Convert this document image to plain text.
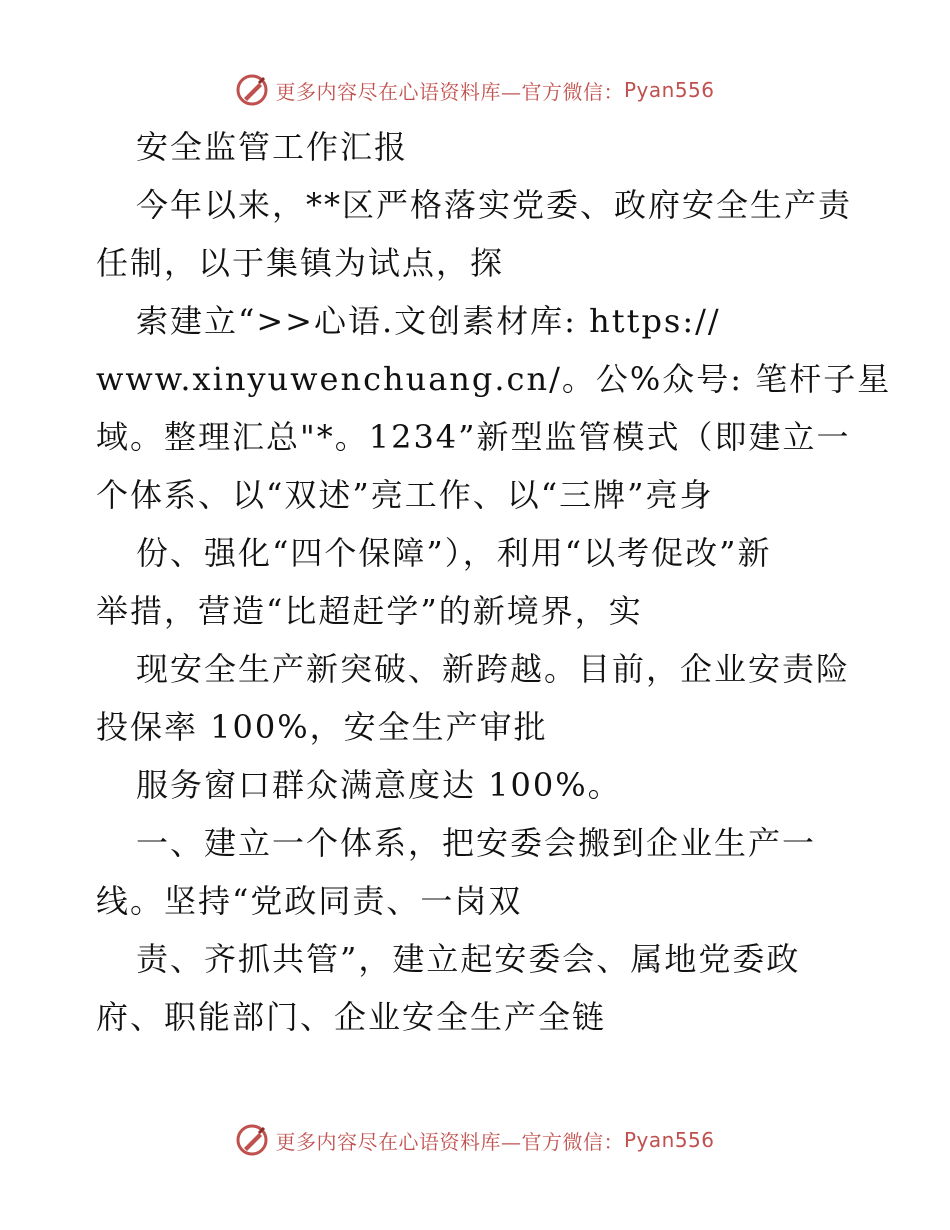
更多内容尽在心语资料库—官方微信： Pyan556
安全监管工作汇报
今年以来，**区严格落实党委、政府安全生产责
任制，以于集镇为试点，探
索建立“>>心语.文创素材库: https://
www.xinyuwenchuang.cn/。公%众号: 笔杆子星
域。整理汇总"*。1234”新型监管模式（即建立一
个体系、以“双述”亮工作、以“三牌”亮身
份、强化“四个保障”），利用“以考促改”新
举措，营造“比超赶学”的新境界，实
现安全生产新突破、新跨越。目前，企业安责险
投保率 100%，安全生产审批
服务窗口群众满意度达 100%。
一、建立一个体系，把安委会搬到企业生产一
线。坚持“党政同责、一岗双
责、齐抓共管”，建立起安委会、属地党委政
府、职能部门、企业安全生产全链
更多内容尽在心语资料库—官方微信： Pyan556
